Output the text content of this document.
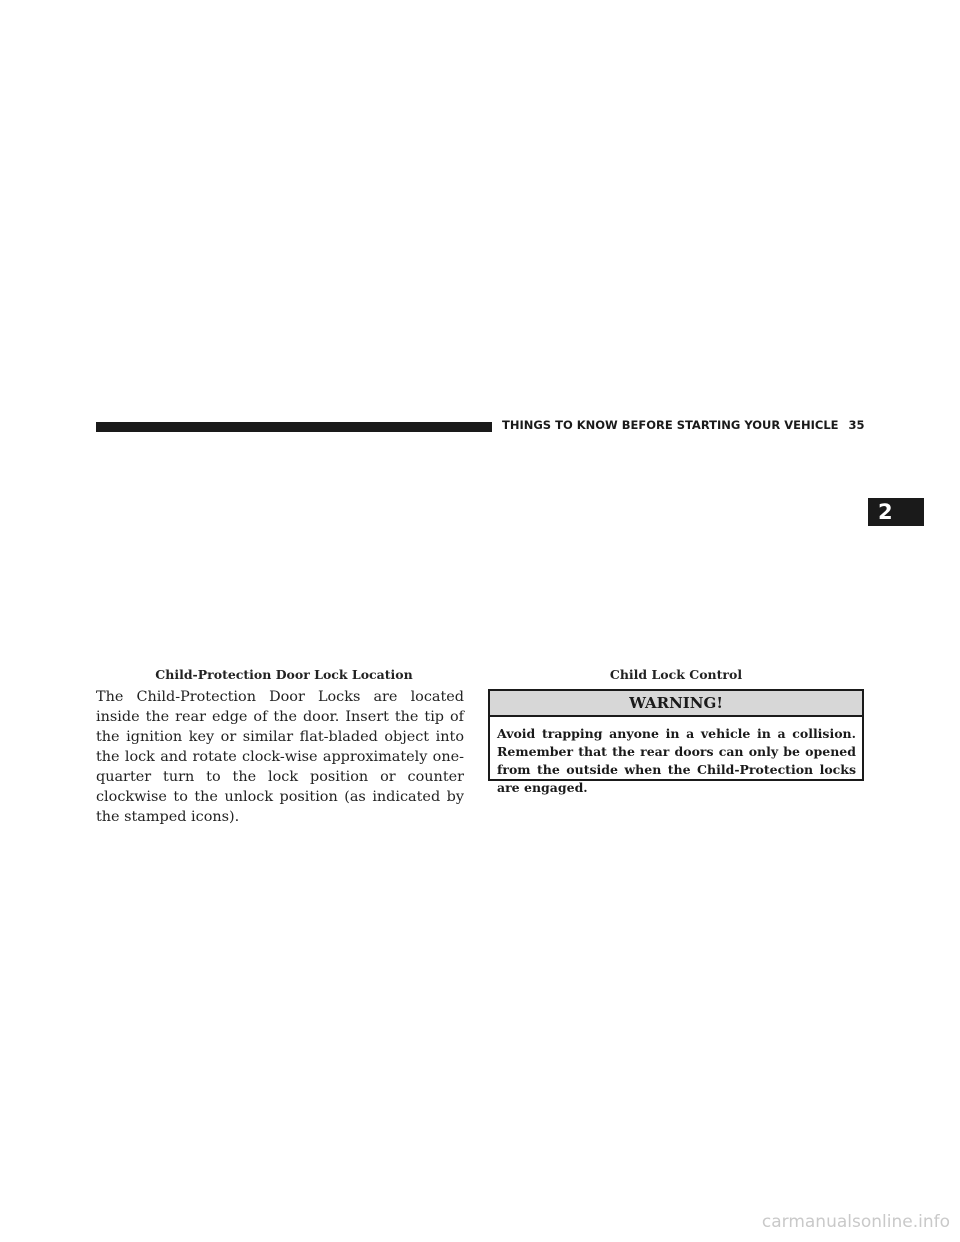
THINGS TO KNOW BEFORE STARTING YOUR VEHICLE 35
2
Child-Protection Door Lock Location	Child Lock Control

The Child-Protection Door Locks are located inside the rear edge of the door. Insert the tip of the ignition key or similar flat-bladed object into the lock and rotate clock-wise approximately one-quarter turn to the lock position or counter clockwise to the unlock position (as indicated by the stamped icons).

WARNING!
Avoid trapping anyone in a vehicle in a collision. Remember that the rear doors can only be opened from the outside when the Child-Protection locks are engaged.
carmanualsonline.info
